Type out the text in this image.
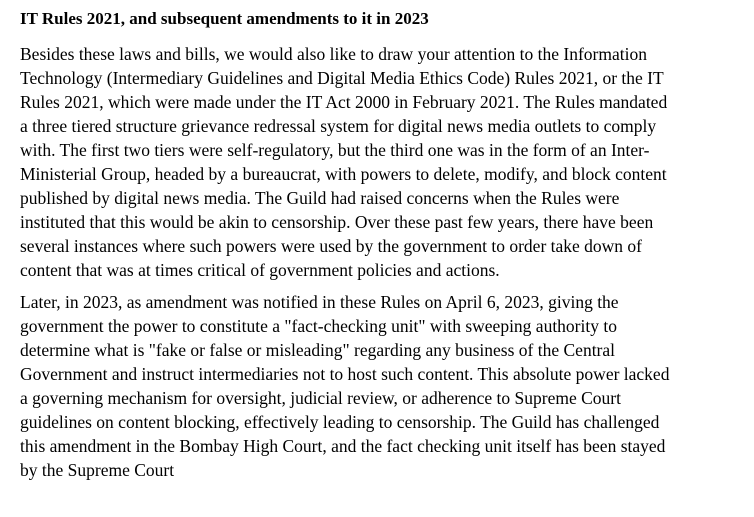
IT Rules 2021, and subsequent amendments to it in 2023

Besides these laws and bills, we would also like to draw your attention to the Information
Technology (Intermediary Guidelines and Digital Media Ethics Code) Rules 2021, or the IT
Rules 2021, which were made under the IT Act 2000 in February 2021. The Rules mandated
a three tiered structure grievance redressal system for digital news media outlets to comply
with. The first two tiers were self-regulatory, but the third one was in the form of an Inter-
Ministerial Group, headed by a bureaucrat, with powers to delete, modify, and block content
published by digital news media. The Guild had raised concerns when the Rules were
instituted that this would be akin to censorship. Over these past few years, there have been
several instances where such powers were used by the government to order take down of
content that was at times critical of government policies and actions.

Later, in 2023, as amendment was notified in these Rules on April 6, 2023, giving the
government the power to constitute a "fact-checking unit" with sweeping authority to
determine what is "fake or false or misleading" regarding any business of the Central
Government and instruct intermediaries not to host such content. This absolute power lacked
a governing mechanism for oversight, judicial review, or adherence to Supreme Court
guidelines on content blocking, effectively leading to censorship. The Guild has challenged
this amendment in the Bombay High Court, and the fact checking unit itself has been stayed
by the Supreme Court
